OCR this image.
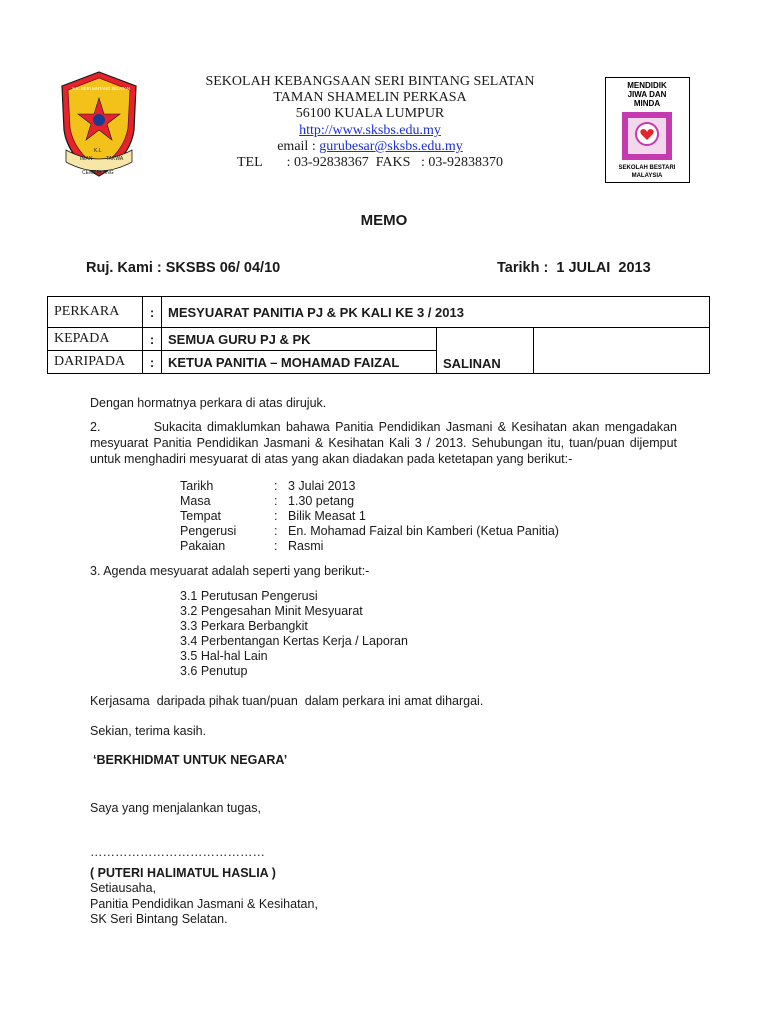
IMAN	TAKWA
K.L
CEMERLANG
S.K. SERI BINTANG SELATAN	SEKOLAH KEBANGSAAN SERI BINTANG SELATAN
TAMAN SHAMELIN PERKASA
56100 KUALA LUMPUR
http://www.sksbs.edu.my
email : gurubesar@sksbs.edu.my
TEL       : 03-92838367  FAKS   : 03-92838370
MENDIDIK
JIWA DAN
MINDA
SEKOLAH BESTARI
MALAYSIA
MEMO
Ruj. Kami : SKSBS 06/ 04/10	Tarikh :  1 JULAI  2013
PERKARA	:	MESYUARAT PANITIA PJ & PK KALI KE 3 / 2013		
KEPADA	:	SEMUA GURU PJ & PK	SALINAN	
DARIPADA	:	KETUA PANITIA – MOHAMAD FAIZAL		
Dengan hormatnya perkara di atas dirujuk.
2.          Sukacita dimaklumkan bahawa Panitia Pendidikan Jasmani & Kesihatan akan mengadakan
mesyuarat Panitia Pendidikan Jasmani & Kesihatan Kali 3 / 2013. Sehubungan itu, tuan/puan dijemput
untuk menghadiri mesyuarat di atas yang akan diadakan pada ketetapan yang berikut:-
Tarikh	: 3 Julai 2013
Masa	: 1.30 petang
Tempat	: Bilik Measat 1
Pengerusi	: En. Mohamad Faizal bin Kamberi (Ketua Panitia)
Pakaian	: Rasmi
3. Agenda mesyuarat adalah seperti yang berikut:-
3.1 Perutusan Pengerusi
3.2 Pengesahan Minit Mesyuarat
3.3 Perkara Berbangkit
3.4 Perbentangan Kertas Kerja / Laporan
3.5 Hal-hal Lain
3.6 Penutup
Kerjasama  daripada pihak tuan/puan  dalam perkara ini amat dihargai.
Sekian, terima kasih.
‘BERKHIDMAT UNTUK NEGARA’
Saya yang menjalankan tugas,
……………………………………
( PUTERI HALIMATUL HASLIA )
Setiausaha,
Panitia Pendidikan Jasmani & Kesihatan,
SK Seri Bintang Selatan.
